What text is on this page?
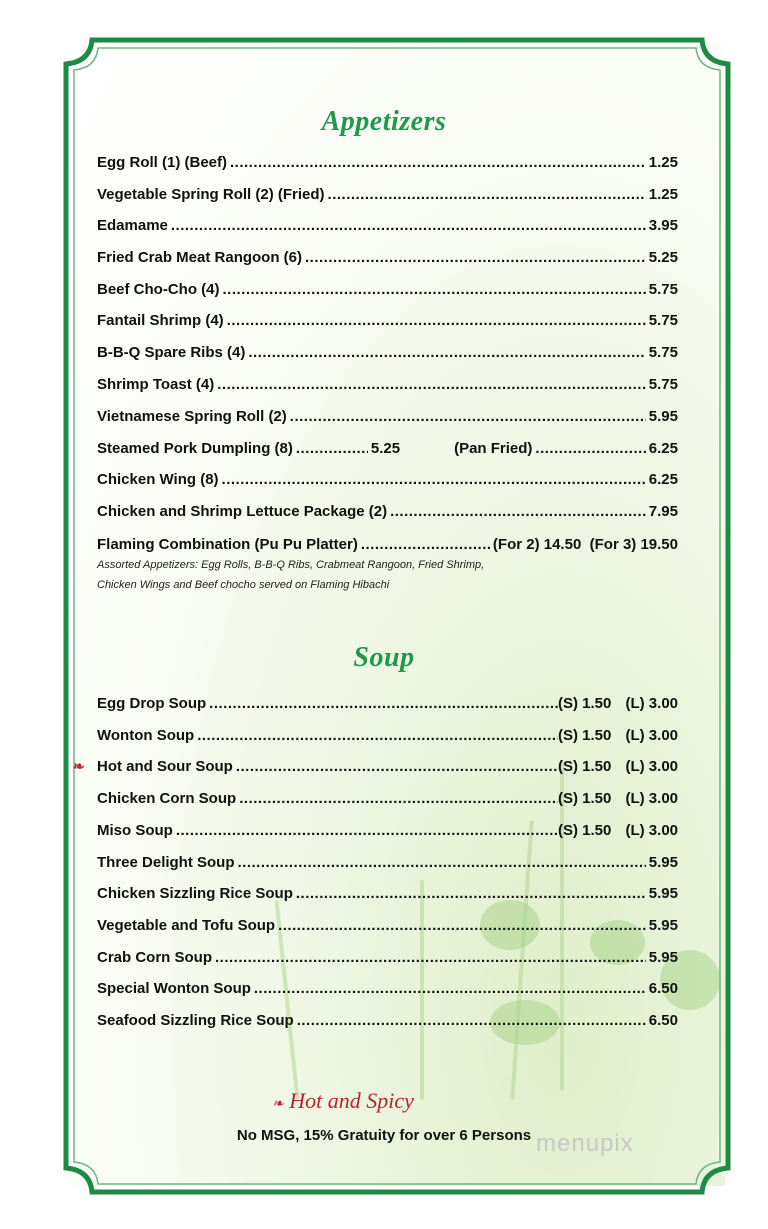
Appetizers
Steamed Pork Dumpling (8) .....	5.25	(Pan Fried) .....	6.25
Flaming Combination (Pu Pu Platter) .....	(For 2) 14.50  (For 3) 19.50
Assorted Appetizers: Egg Rolls, B-B-Q Ribs, Crabmeat Rangoon, Fried Shrimp,
Chicken Wings and Beef chocho served on Flaming Hibachi
Soup
❧ Hot and Spicy
No MSG, 15% Gratuity for over 6 Persons menupix
Egg Roll (1) (Beef) .....	1.25
Vegetable Spring Roll (2) (Fried) .....	1.25
Edamame .....	3.95
Fried Crab Meat Rangoon (6) .....	5.25
Beef Cho-Cho (4) .....	5.75
Fantail Shrimp (4) .....	5.75
B-B-Q Spare Ribs (4) .....	5.75
Shrimp Toast (4) .....	5.75
Vietnamese Spring Roll (2) .....	5.95
Chicken Wing (8) .....	6.25
Chicken and Shrimp Lettuce Package (2) .....	7.95
Egg Drop Soup .....	(S) 1.50 (L) 3.00
Wonton Soup .....	(S) 1.50 (L) 3.00
❧ Hot and Sour Soup .....	(S) 1.50 (L) 3.00
Chicken Corn Soup .....	(S) 1.50 (L) 3.00
Miso Soup .....	(S) 1.50 (L) 3.00
Three Delight Soup .....	5.95
Chicken Sizzling Rice Soup .....	5.95
Vegetable and Tofu Soup .....	5.95
Crab Corn Soup .....	5.95
Special Wonton Soup .....	6.50
Seafood Sizzling Rice Soup .....	6.50
